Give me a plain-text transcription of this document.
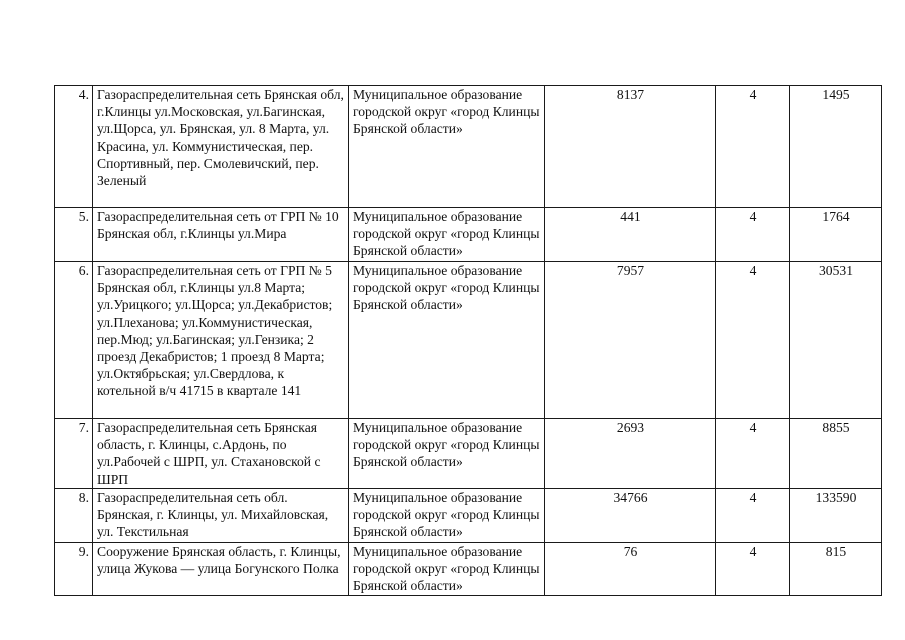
4.	Газораспределительная сеть Брянская обл, г.Клинцы ул.Московская, ул.Багинская, ул.Щорса, ул. Брянская, ул. 8 Марта, ул. Красина, ул. Коммунистическая, пер. Спортивный, пер. Смолевичский, пер. Зеленый	Муниципальное образование городской округ «город Клинцы Брянской области»	8137	4	1495
5.	Газораспределительная сеть от ГРП № 10 Брянская обл, г.Клинцы ул.Мира	Муниципальное образование городской округ «город Клинцы Брянской области»	441	4	1764
6.	Газораспределительная сеть от ГРП № 5 Брянская обл, г.Клинцы ул.8 Марта; ул.Урицкого; ул.Щорса; ул.Декабристов; ул.Плеханова; ул.Коммунистическая, пер.Мюд; ул.Багинская; ул.Гензика; 2 проезд Декабристов; 1 проезд 8 Марта; ул.Октябрьская; ул.Свердлова, к котельной в/ч 41715 в квартале 141	Муниципальное образование городской округ «город Клинцы Брянской области»	7957	4	30531
7.	Газораспределительная сеть Брянская область, г. Клинцы, с.Ардонь, по ул.Рабочей с ШРП, ул. Стахановской с ШРП	Муниципальное образование городской округ «город Клинцы Брянской области»	2693	4	8855
8.	Газораспределительная сеть обл. Брянская, г. Клинцы, ул. Михайловская, ул. Текстильная	Муниципальное образование городской округ «город Клинцы Брянской области»	34766	4	133590
9.	Сооружение Брянская область, г. Клинцы, улица Жукова — улица Богунского Полка	Муниципальное образование городской округ «город Клинцы Брянской области»	76	4	815
